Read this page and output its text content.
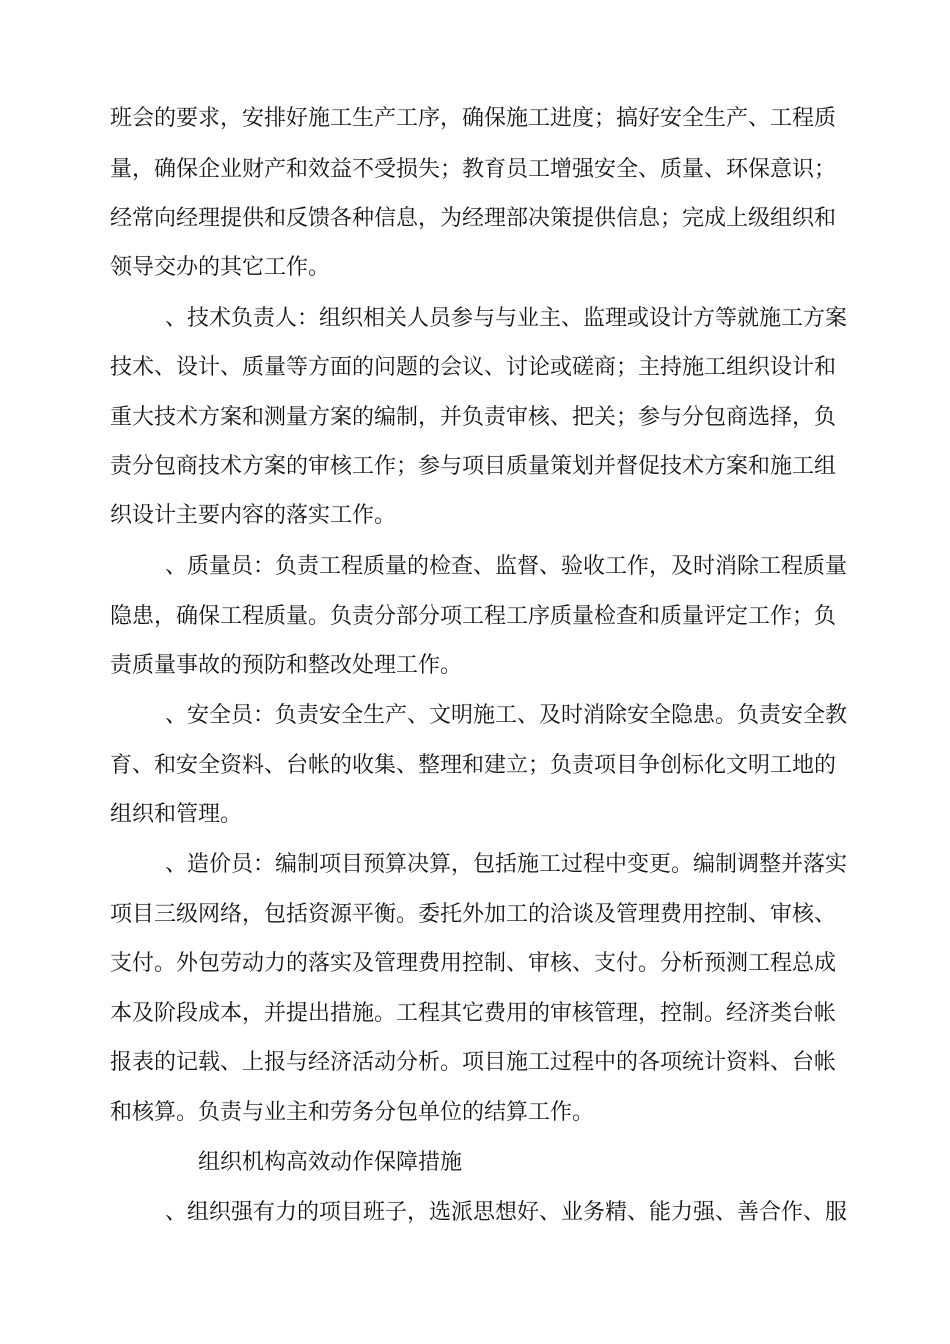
班会的要求，安排好施工生产工序，确保施工进度；搞好安全生产、工程质
量，确保企业财产和效益不受损失；教育员工增强安全、质量、环保意识；
经常向经理提供和反馈各种信息，为经理部决策提供信息；完成上级组织和
领导交办的其它工作。
、技术负责人：组织相关人员参与与业主、监理或设计方等就施工方案
技术、设计、质量等方面的问题的会议、讨论或磋商；主持施工组织设计和
重大技术方案和测量方案的编制，并负责审核、把关；参与分包商选择，负
责分包商技术方案的审核工作；参与项目质量策划并督促技术方案和施工组
织设计主要内容的落实工作。
、质量员：负责工程质量的检查、监督、验收工作，及时消除工程质量
隐患，确保工程质量。负责分部分项工程工序质量检查和质量评定工作；负
责质量事故的预防和整改处理工作。
、安全员：负责安全生产、文明施工、及时消除安全隐患。负责安全教
育、和安全资料、台帐的收集、整理和建立；负责项目争创标化文明工地的
组织和管理。
、造价员：编制项目预算决算，包括施工过程中变更。编制调整并落实
项目三级网络，包括资源平衡。委托外加工的洽谈及管理费用控制、审核、
支付。外包劳动力的落实及管理费用控制、审核、支付。分析预测工程总成
本及阶段成本，并提出措施。工程其它费用的审核管理，控制。经济类台帐
报表的记载、上报与经济活动分析。项目施工过程中的各项统计资料、台帐
和核算。负责与业主和劳务分包单位的结算工作。
组织机构高效动作保障措施
、组织强有力的项目班子，选派思想好、业务精、能力强、善合作、服
